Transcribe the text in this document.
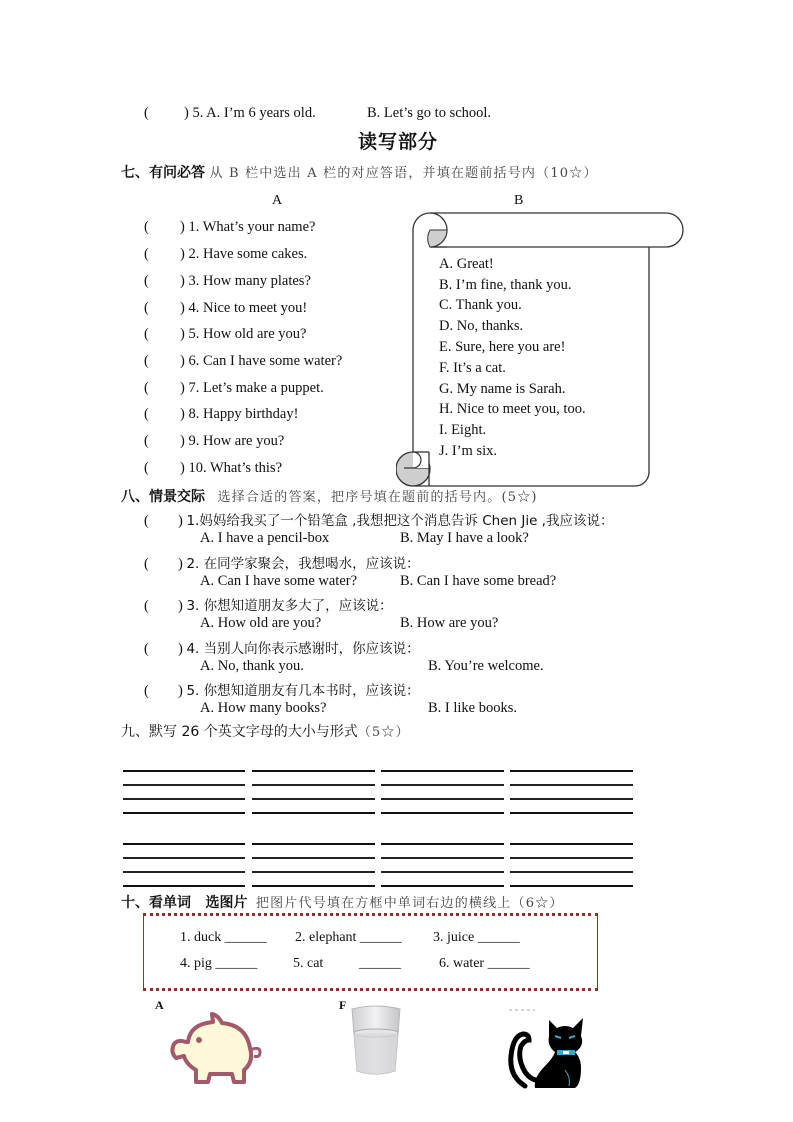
( ) 5. A. I’m 6 years old.	B. Let’s go to school.
读写部分
七、有问必答 从 B 栏中选出 A 栏的对应答语，并填在题前括号内（10☆）
A	B
( ) 1. What’s your name?
( ) 2. Have some cakes.
( ) 3. How many plates?
( ) 4. Nice to meet you!
( ) 5. How old are you?
( ) 6. Can I have some water?
( ) 7. Let’s make a puppet.
( ) 8. Happy birthday!
( ) 9. How are you?
( ) 10. What’s this?
A. Great!
B. I’m fine, thank you.
C. Thank you.
D. No, thanks.
E. Sure, here you are!
F. It’s a cat.
G. My name is Sarah.
H. Nice to meet you, too.
I. Eight.
J. I’m six.
八、情景交际 选择合适的答案，把序号填在题前的括号内。(5☆)
( ) 1.妈妈给我买了一个铅笔盒 ,我想把这个消息告诉 Chen Jie ,我应该说：
A. I have a pencil-box	B. May I have a look?
( ) 2. 在同学家聚会，我想喝水，应该说：
A. Can I have some water?	B. Can I have some bread?
( ) 3. 你想知道朋友多大了，应该说：
A. How old are you?	B. How are you?
( ) 4. 当别人向你表示感谢时，你应该说：
A. No, thank you.	B. You’re welcome.
( ) 5. 你想知道朋友有几本书时，应该说：
A. How many books?	B. I like books.
九、默写 26 个英文字母的大小与形式（5☆）
十、看单词 选图片 把图片代号填在方框中单词右边的横线上（6☆）
1. duck ______ 2. elephant ______ 3. juice ______
4. pig ______	5. cat	______	6. water ______
A	F
